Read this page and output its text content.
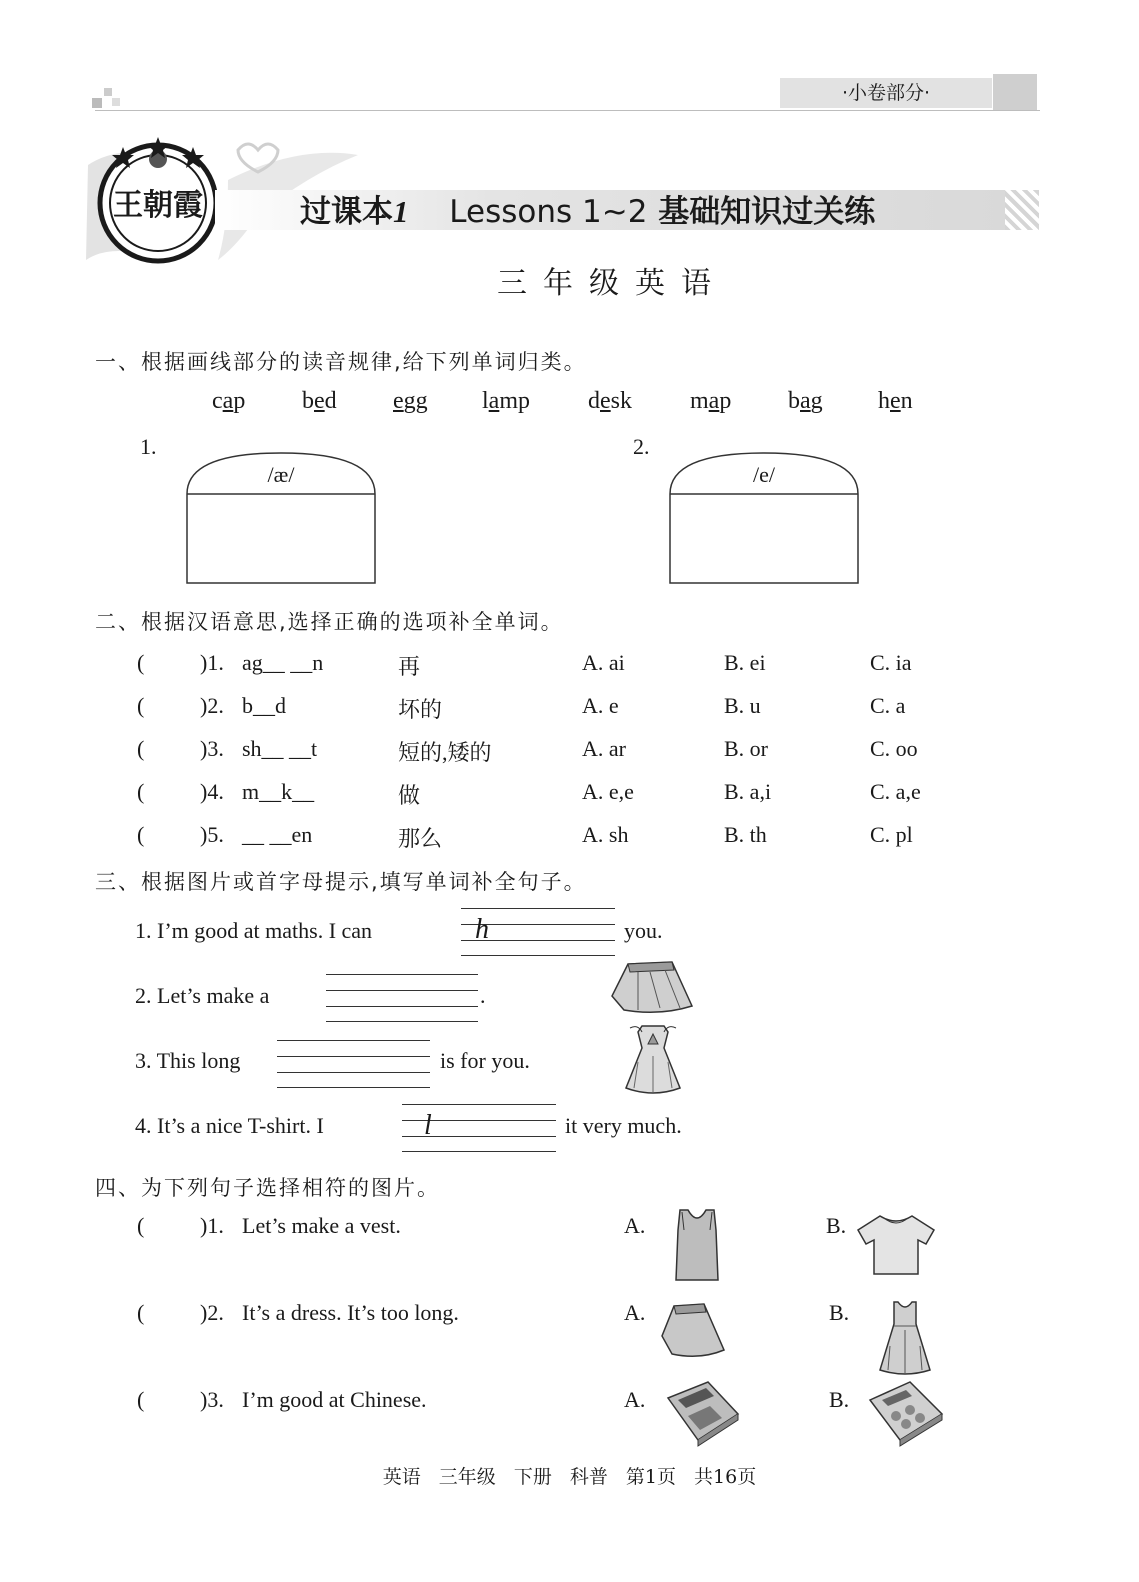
·小卷部分·
王朝霞	过课本1 Lessons 1~2 基础知识过关练
三年级英语
一、根据画线部分的读音规律,给下列单词归类。
cap bed egg lamp desk map bag hen
1.
/æ/
2.
/e/
二、根据汉语意思,选择正确的选项补全单词。
(	)1. ag__ __n	再	A. ai	B. ei	C. ia
(	)2. b__d	坏的	A. e	B. u	C. a
(	)3. sh__ __t	短的,矮的	A. ar	B. or	C. oo
(	)4. m__k__	做	A. e,e	B. a,i	C. a,e
(	)5. __ __en	那么	A. sh	B. th	C. pl
三、根据图片或首字母提示,填写单词补全句子。
1. I’m good at maths. I can	h	you.
2. Let’s make a	.
3. This long	is for you.
4. It’s a nice T-shirt. I	l	it very much.
四、为下列句子选择相符的图片。
(	)1. Let’s make a vest.	A.	B.
(	)2. It’s a dress. It’s too long.	A.	B.
(	)3. I’m good at Chinese.	A.	B.
英语 三年级 下册 科普 第1页 共16页
